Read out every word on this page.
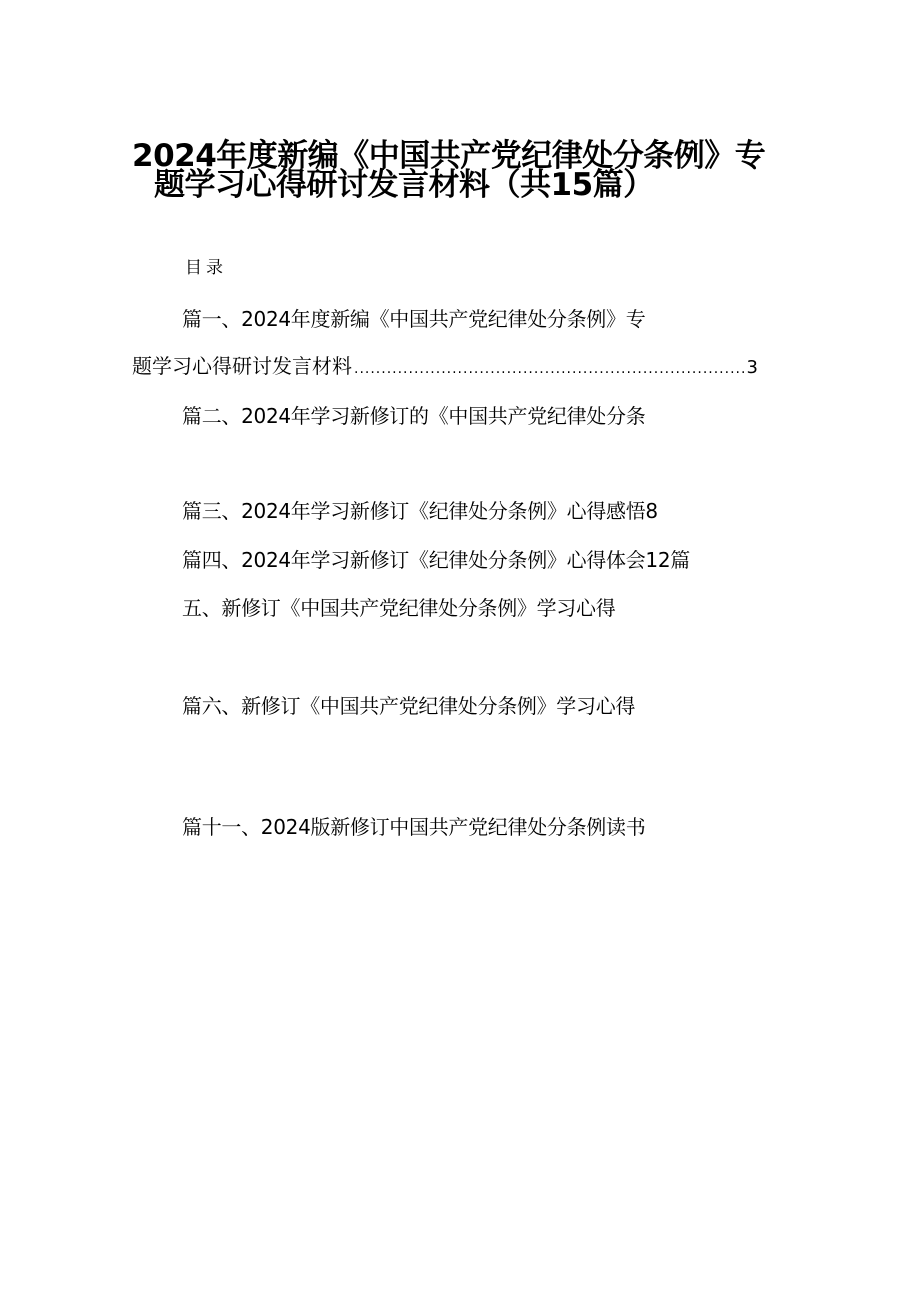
2024年度新编《中国共产党纪律处分条例》专
题学习心得研讨发言材料（共15篇）
目录
篇一、2024年度新编《中国共产党纪律处分条例》专
题学习心得研讨发言材料
.....	3
篇二、2024年学习新修订的《中国共产党纪律处分条
篇三、2024年学习新修订《纪律处分条例》心得感悟8
篇四、2024年学习新修订《纪律处分条例》心得体会12篇
五、新修订《中国共产党纪律处分条例》学习心得
篇六、新修订《中国共产党纪律处分条例》学习心得
篇十一、2024版新修订中国共产党纪律处分条例读书
